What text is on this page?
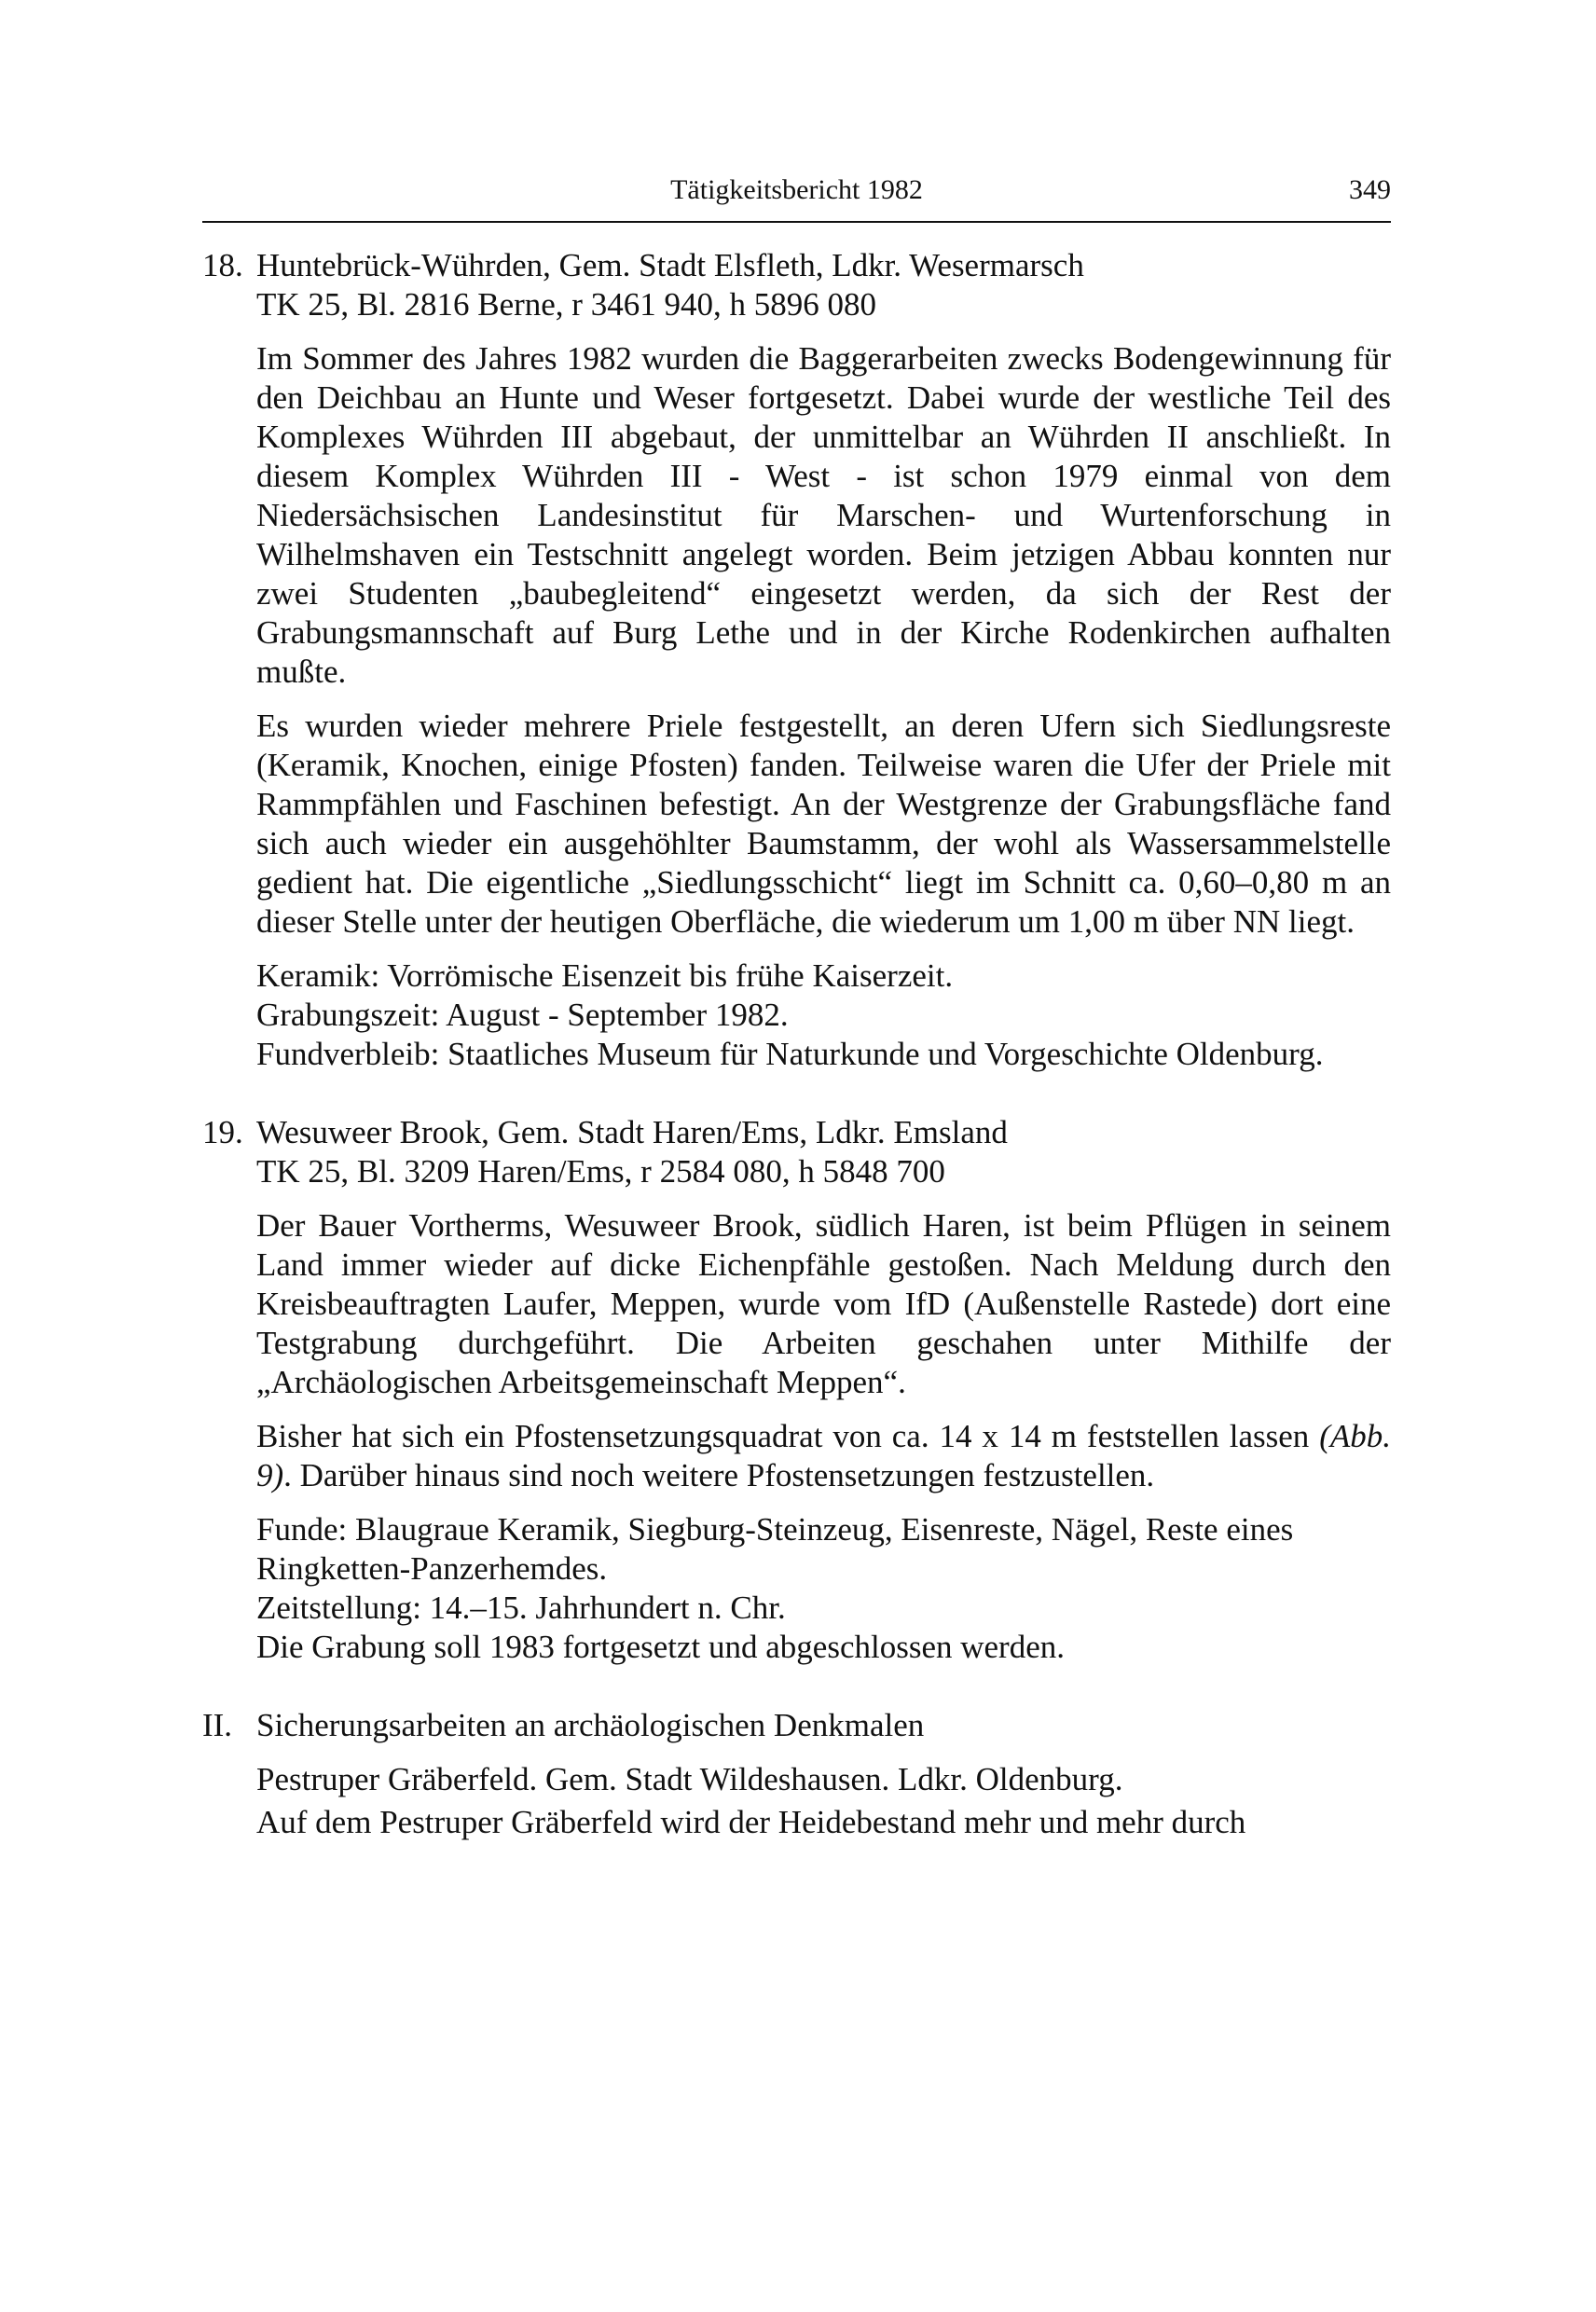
Tätigkeitsbericht 1982	349
18. Huntebrück-Wührden, Gem. Stadt Elsfleth, Ldkr. Wesermarsch

TK 25, Bl. 2816 Berne, r 3461 940, h 5896 080

Im Sommer des Jahres 1982 wurden die Baggerarbeiten zwecks Bodengewinnung für den Deichbau an Hunte und Weser fortgesetzt. Dabei wurde der westliche Teil des Komplexes Wührden III abgebaut, der unmittelbar an Wührden II anschließt. In diesem Komplex Wührden III - West - ist schon 1979 einmal von dem Niedersächsischen Landesinstitut für Marschen- und Wurtenforschung in Wilhelmshaven ein Testschnitt angelegt worden. Beim jetzigen Abbau konnten nur zwei Studenten „baubegleitend“ eingesetzt werden, da sich der Rest der Grabungsmannschaft auf Burg Lethe und in der Kirche Rodenkirchen aufhalten mußte.

Es wurden wieder mehrere Priele festgestellt, an deren Ufern sich Siedlungsreste (Keramik, Knochen, einige Pfosten) fanden. Teilweise waren die Ufer der Priele mit Rammpfählen und Faschinen befestigt. An der Westgrenze der Grabungsfläche fand sich auch wieder ein ausgehöhlter Baumstamm, der wohl als Wassersammelstelle gedient hat. Die eigentliche „Siedlungsschicht“ liegt im Schnitt ca. 0,60–0,80 m an dieser Stelle unter der heutigen Oberfläche, die wiederum um 1,00 m über NN liegt.

Keramik: Vorrömische Eisenzeit bis frühe Kaiserzeit.
Grabungszeit: August - September 1982.
Fundverbleib: Staatliches Museum für Naturkunde und Vorgeschichte Oldenburg.

19. Wesuweer Brook, Gem. Stadt Haren/Ems, Ldkr. Emsland

TK 25, Bl. 3209 Haren/Ems, r 2584 080, h 5848 700

Der Bauer Vortherms, Wesuweer Brook, südlich Haren, ist beim Pflügen in seinem Land immer wieder auf dicke Eichenpfähle gestoßen. Nach Meldung durch den Kreisbeauftragten Laufer, Meppen, wurde vom IfD (Außenstelle Rastede) dort eine Testgrabung durchgeführt. Die Arbeiten geschahen unter Mithilfe der „Archäologischen Arbeitsgemeinschaft Meppen“.

Bisher hat sich ein Pfostensetzungsquadrat von ca. 14 x 14 m feststellen lassen (Abb. 9). Darüber hinaus sind noch weitere Pfostensetzungen festzustellen.

Funde: Blaugraue Keramik, Siegburg-Steinzeug, Eisenreste, Nägel, Reste eines Ringketten-Panzerhemdes.
Zeitstellung: 14.–15. Jahrhundert n. Chr.
Die Grabung soll 1983 fortgesetzt und abgeschlossen werden.

II. Sicherungsarbeiten an archäologischen Denkmalen

Pestruper Gräberfeld. Gem. Stadt Wildeshausen. Ldkr. Oldenburg.

Auf dem Pestruper Gräberfeld wird der Heidebestand mehr und mehr durch
